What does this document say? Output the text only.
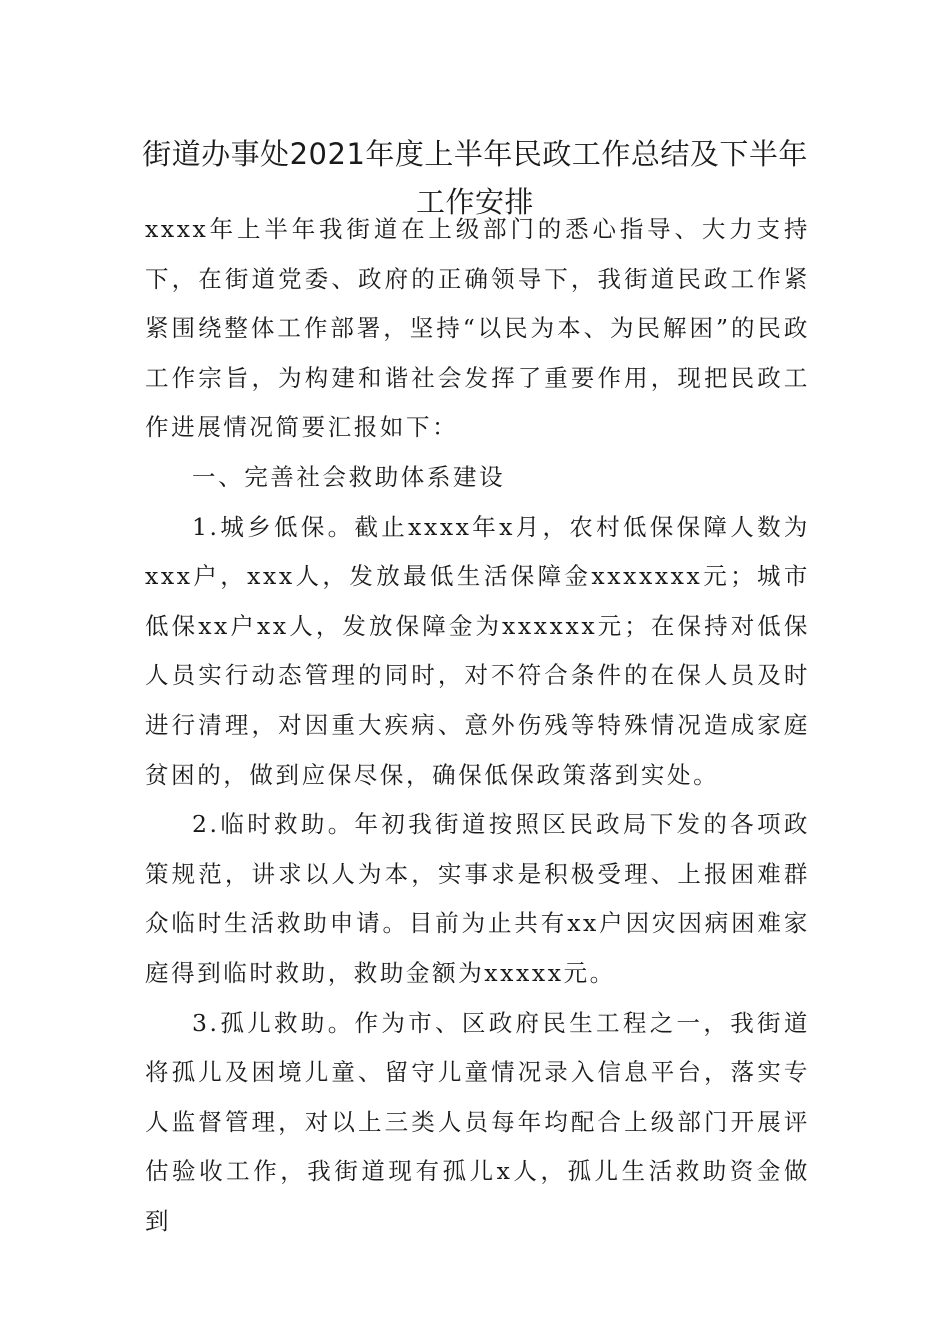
街道办事处2021年度上半年民政工作总结及下半年
工作安排

xxxx年上半年我街道在上级部门的悉心指导、大力支持下，在街道党委、政府的正确领导下，我街道民政工作紧紧围绕整体工作部署，坚持“以民为本、为民解困”的民政工作宗旨，为构建和谐社会发挥了重要作用，现把民政工作进展情况简要汇报如下：

一、完善社会救助体系建设

1.城乡低保。截止xxxx年x月，农村低保保障人数为xxx户，xxx人，发放最低生活保障金xxxxxxx元；城市低保xx户xx人，发放保障金为xxxxxx元；在保持对低保人员实行动态管理的同时，对不符合条件的在保人员及时进行清理，对因重大疾病、意外伤残等特殊情况造成家庭贫困的，做到应保尽保，确保低保政策落到实处。

2.临时救助。年初我街道按照区民政局下发的各项政策规范，讲求以人为本，实事求是积极受理、上报困难群众临时生活救助申请。目前为止共有xx户因灾因病困难家庭得到临时救助，救助金额为xxxxx元。

3.孤儿救助。作为市、区政府民生工程之一，我街道将孤儿及困境儿童、留守儿童情况录入信息平台，落实专人监督管理，对以上三类人员每年均配合上级部门开展评估验收工作，我街道现有孤儿x人，孤儿生活救助资金做到
